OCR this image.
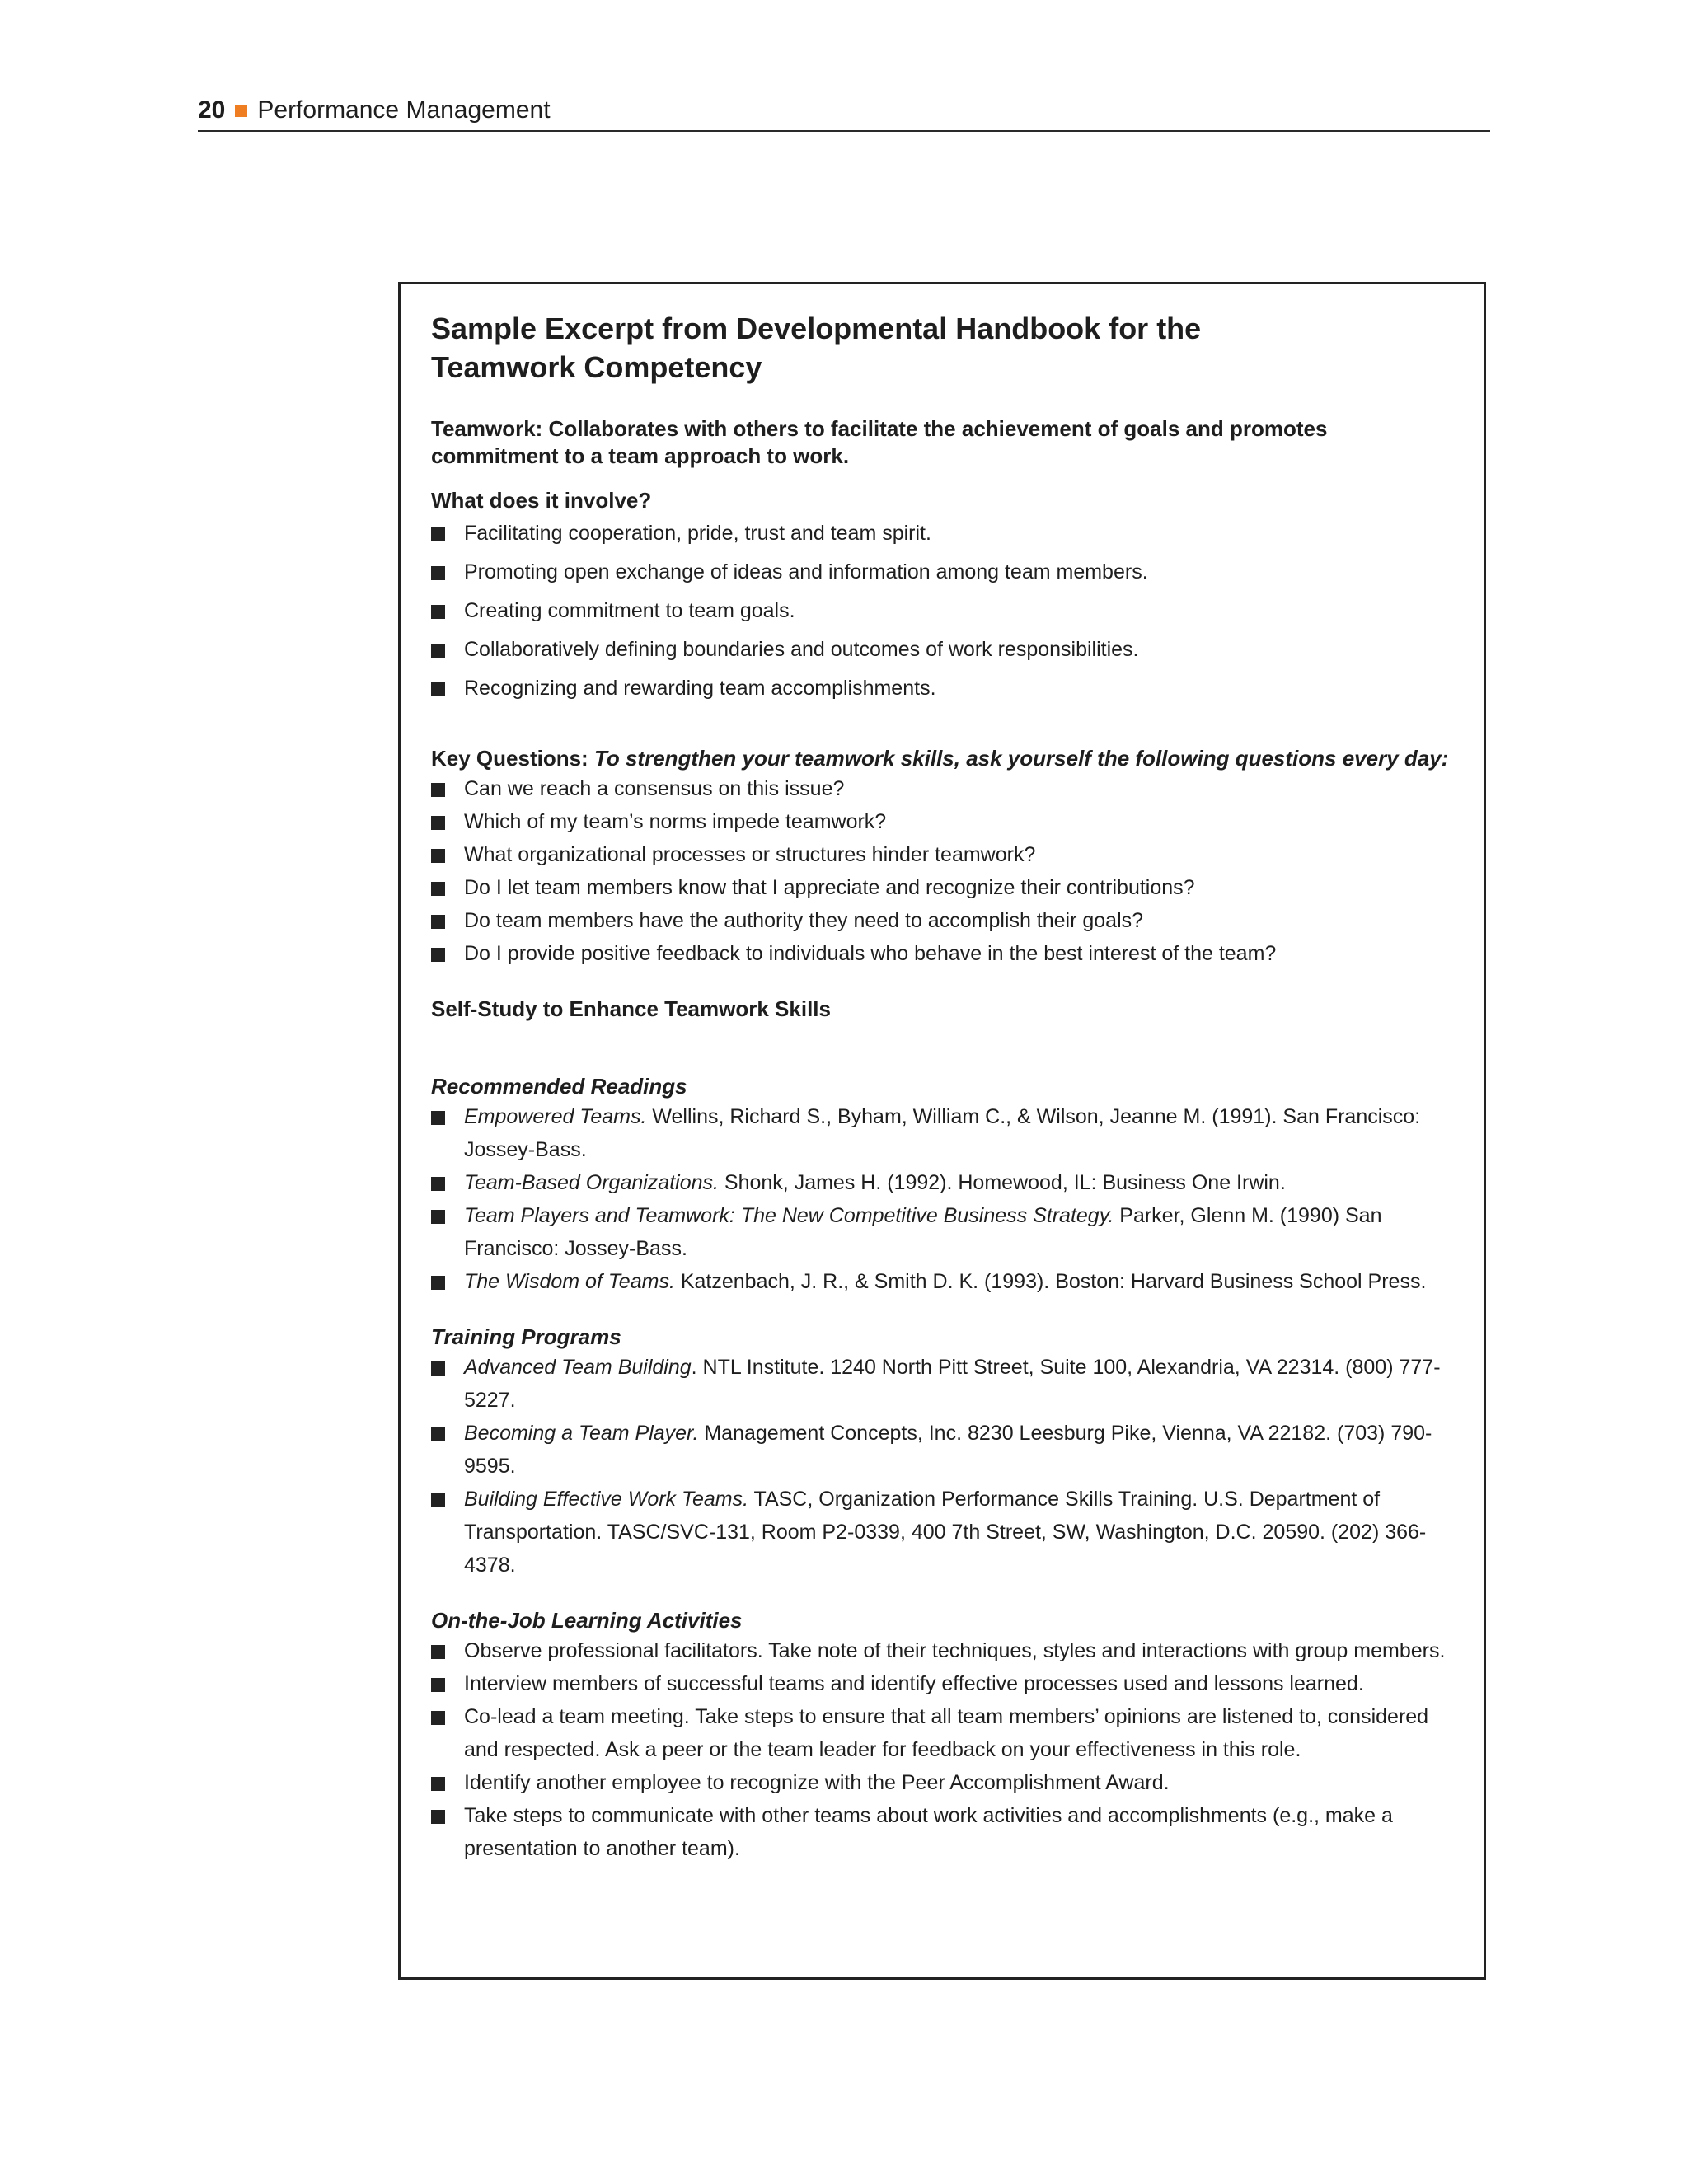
20 Performance Management
Sample Excerpt from Developmental Handbook for the Teamwork Competency
Teamwork: Collaborates with others to facilitate the achievement of goals and promotes commitment to a team approach to work.
What does it involve?
Facilitating cooperation, pride, trust and team spirit.
Promoting open exchange of ideas and information among team members.
Creating commitment to team goals.
Collaboratively defining boundaries and outcomes of work responsibilities.
Recognizing and rewarding team accomplishments.
Key Questions: To strengthen your teamwork skills, ask yourself the following questions every day:
Can we reach a consensus on this issue?
Which of my team’s norms impede teamwork?
What organizational processes or structures hinder teamwork?
Do I let team members know that I appreciate and recognize their contributions?
Do team members have the authority they need to accomplish their goals?
Do I provide positive feedback to individuals who behave in the best interest of the team?
Self-Study to Enhance Teamwork Skills
Recommended Readings
Empowered Teams. Wellins, Richard S., Byham, William C., & Wilson, Jeanne M. (1991). San Francisco: Jossey-Bass.
Team-Based Organizations. Shonk, James H. (1992). Homewood, IL: Business One Irwin.
Team Players and Teamwork: The New Competitive Business Strategy. Parker, Glenn M. (1990) San Francisco: Jossey-Bass.
The Wisdom of Teams. Katzenbach, J. R., & Smith D. K. (1993). Boston: Harvard Business School Press.
Training Programs
Advanced Team Building. NTL Institute. 1240 North Pitt Street, Suite 100, Alexandria, VA 22314. (800) 777-5227.
Becoming a Team Player. Management Concepts, Inc. 8230 Leesburg Pike, Vienna, VA 22182. (703) 790-9595.
Building Effective Work Teams. TASC, Organization Performance Skills Training. U.S. Department of Transportation. TASC/SVC-131, Room P2-0339, 400 7th Street, SW, Washington, D.C. 20590. (202) 366-4378.
On-the-Job Learning Activities
Observe professional facilitators. Take note of their techniques, styles and interactions with group members.
Interview members of successful teams and identify effective processes used and lessons learned.
Co-lead a team meeting. Take steps to ensure that all team members’ opinions are listened to, considered and respected. Ask a peer or the team leader for feedback on your effectiveness in this role.
Identify another employee to recognize with the Peer Accomplishment Award.
Take steps to communicate with other teams about work activities and accomplishments (e.g., make a presentation to another team).
